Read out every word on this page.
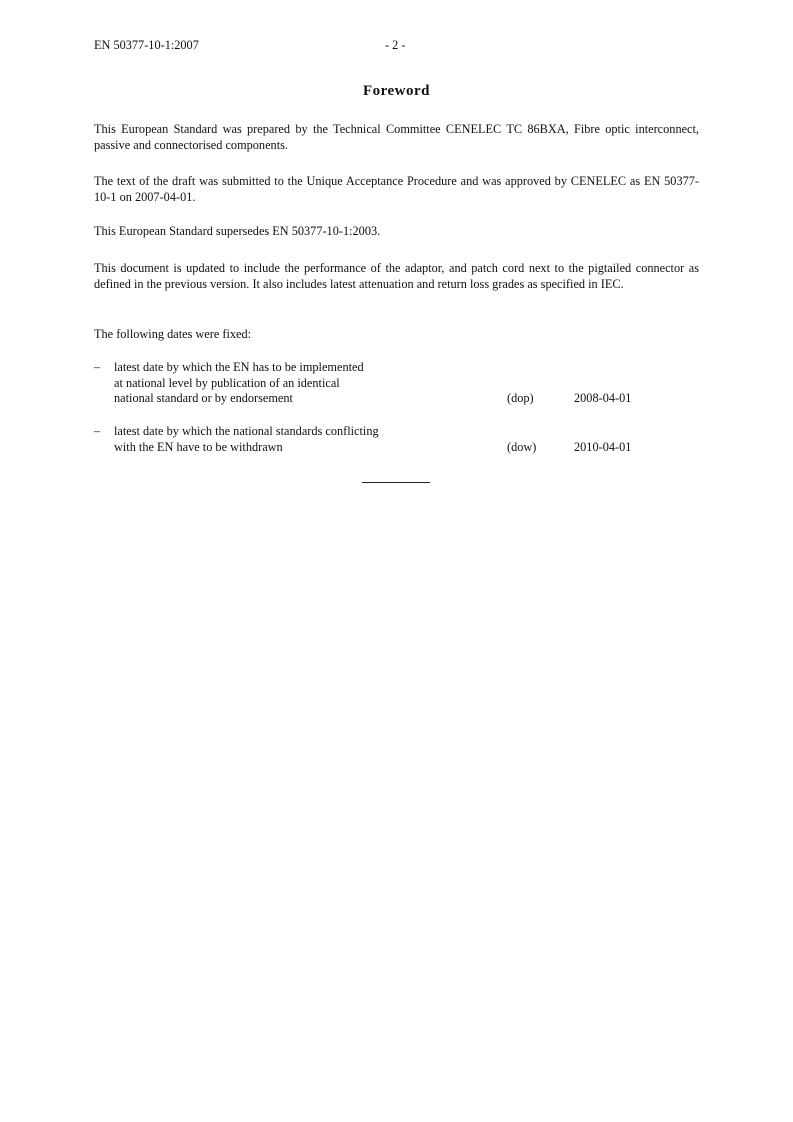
EN 50377-10-1:2007	- 2 -
Foreword

This European Standard was prepared by the Technical Committee CENELEC TC 86BXA, Fibre optic interconnect, passive and connectorised components.

The text of the draft was submitted to the Unique Acceptance Procedure and was approved by CENELEC as EN 50377-10-1 on 2007-04-01.

This European Standard supersedes EN 50377-10-1:2003.

This document is updated to include the performance of the adaptor, and patch cord next to the pigtailed connector as defined in the previous version. It also includes latest attenuation and return loss grades as specified in IEC.

The following dates were fixed:

– latest date by which the EN has to be implemented
at national level by publication of an identical
national standard or by endorsement	(dop)	2008-04-01
– latest date by which the national standards conflicting
with the EN have to be withdrawn	(dow)	2010-04-01
